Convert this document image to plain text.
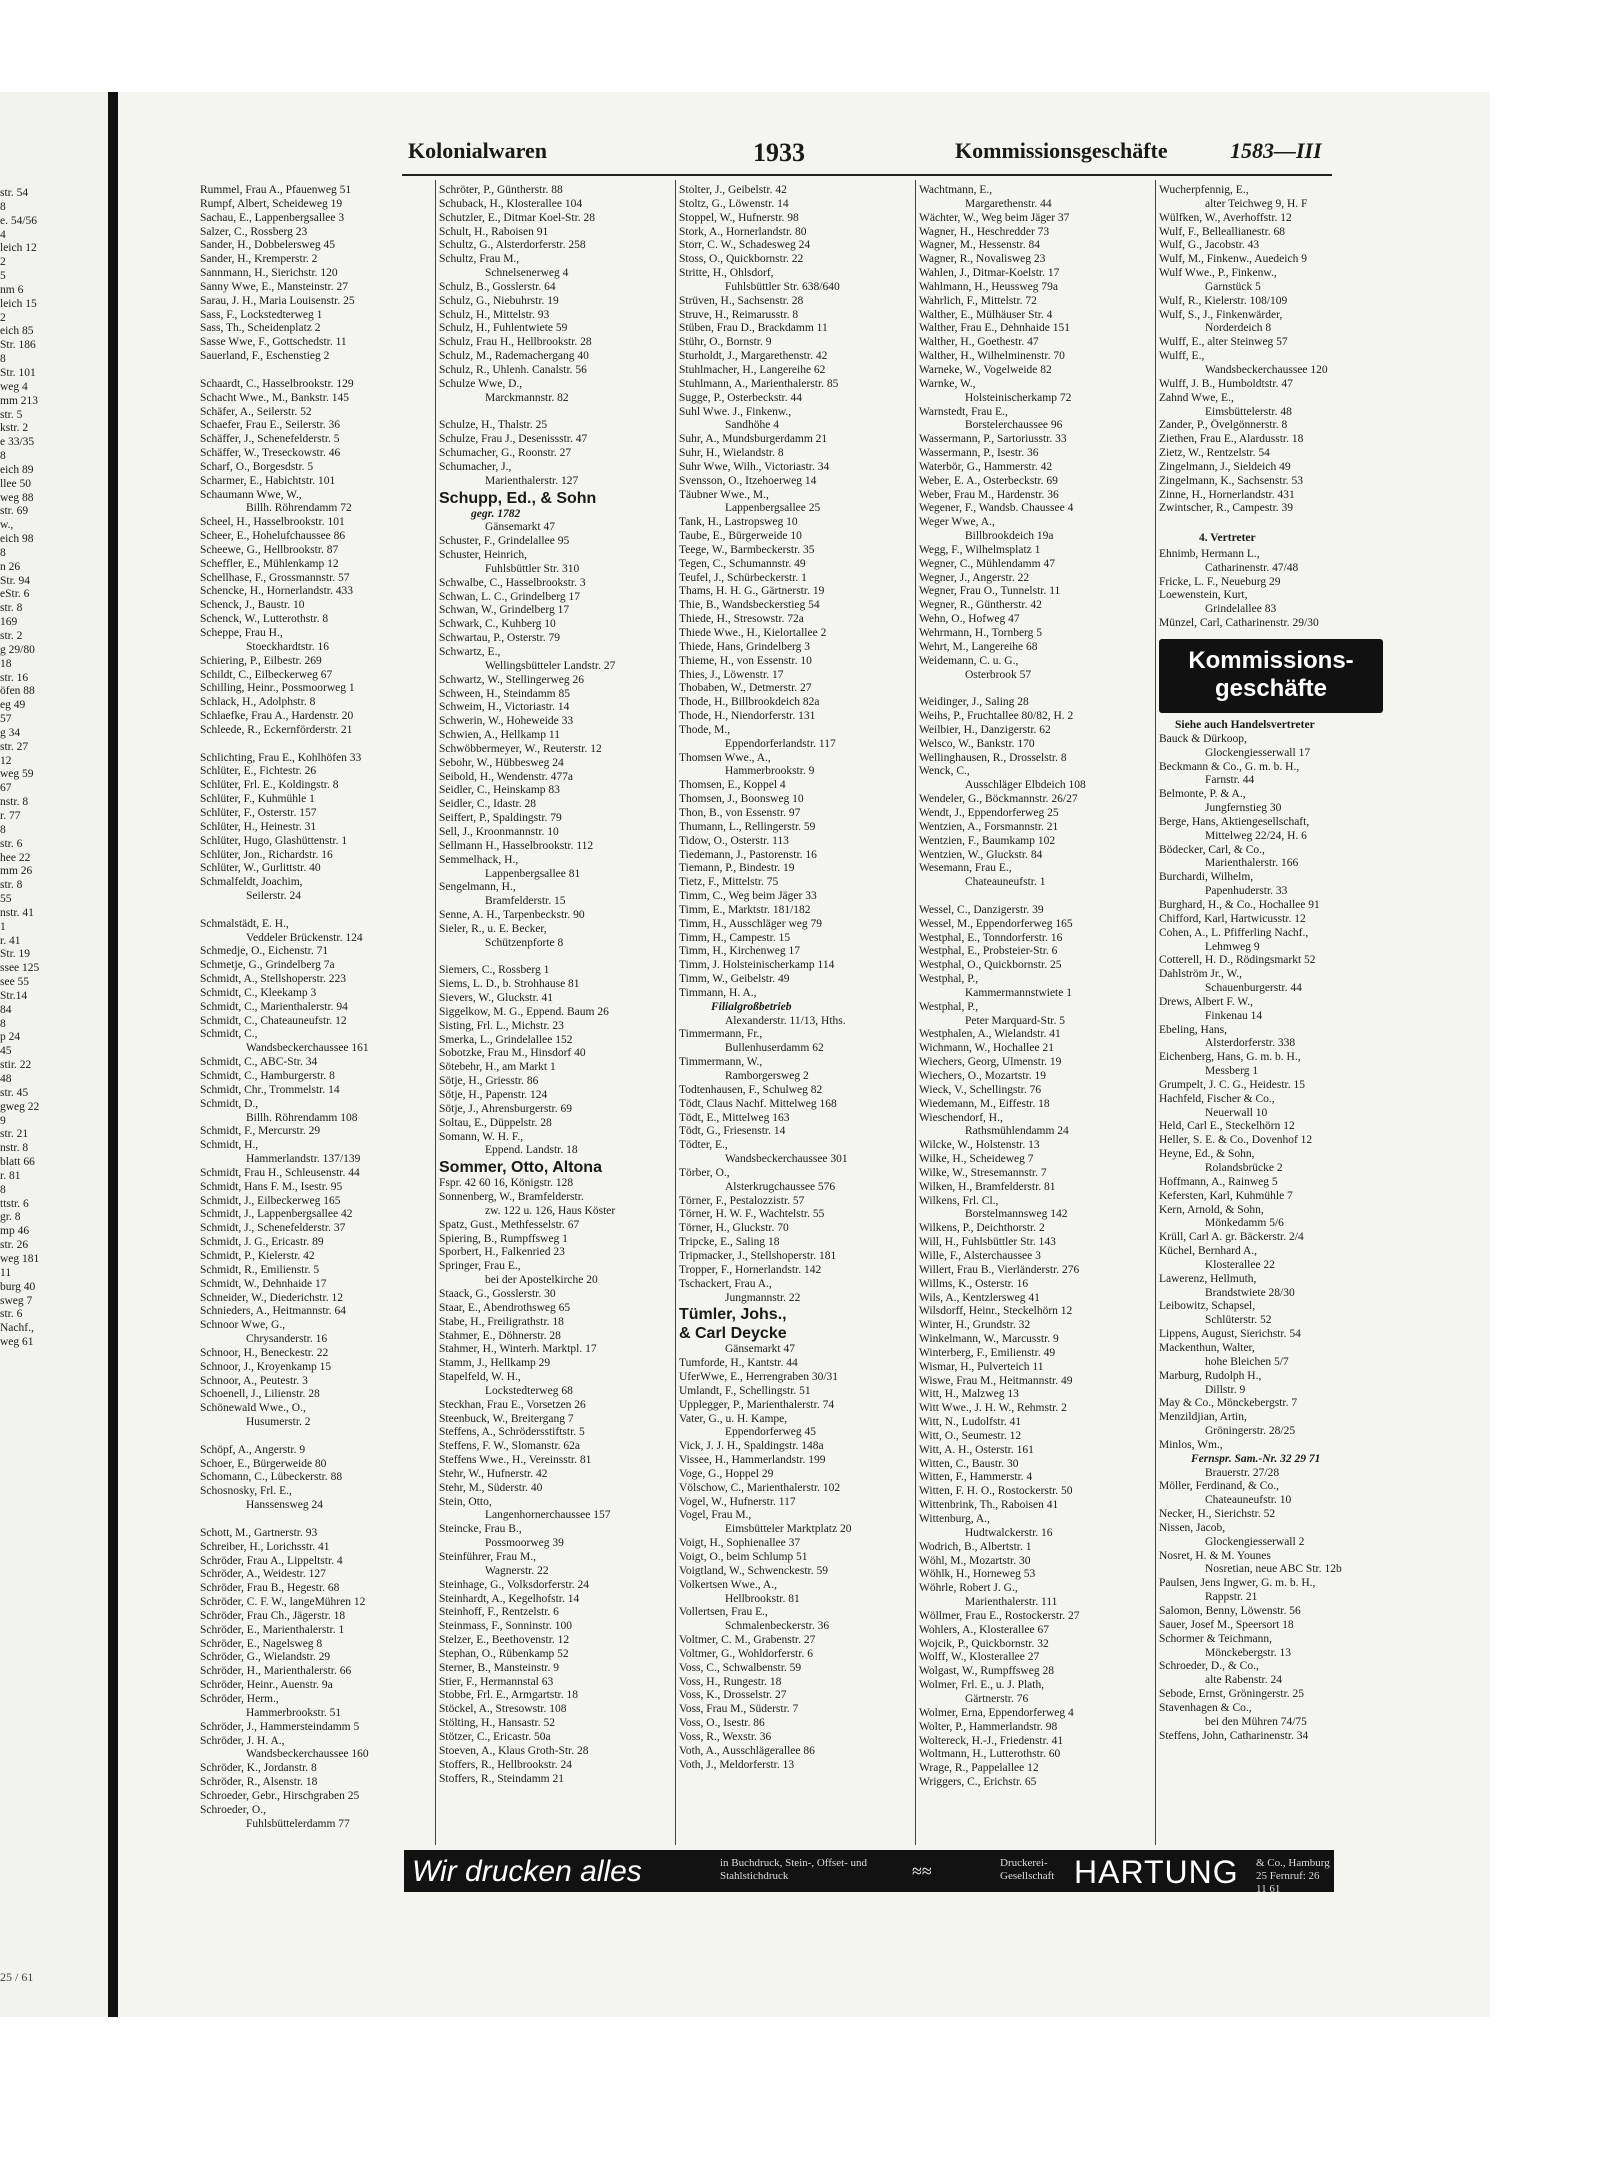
str. 54
8
e. 54/56
4
leich 12
2
5
nm 6
leich 15
2
eich 85
Str. 186
8
Str. 101
weg 4
mm 213
str. 5
kstr. 2
e 33/35
8
eich 89
llee 50
weg 88
str. 69
w.,
eich 98
8
n 26
Str. 94
eStr. 6
str. 8
169
str. 2
g 29/80
18
str. 16
öfen 88
eg 49
57
g 34
str. 27
12
weg 59
67
nstr. 8
r. 77
8
str. 6
hee 22
mm 26
str. 8
55
nstr. 41
1
r. 41
Str. 19
ssee 125
see 55
Str.14
84
8
p 24
45
stir. 22
48
str. 45
gweg 22
9
str. 21
nstr. 8
blatt 66
r. 81
8
ttstr. 6
gr. 8
mp 46
str. 26
weg 181
11
burg 40
sweg 7
str. 6
Nachf.,
weg 61
25 / 61
Kolonialwaren	1933	Kommissionsgeschäfte	1583—III
Rummel, Frau A., Pfauenweg 51
Rumpf, Albert, Scheideweg 19
Sachau, E., Lappenbergsallee 3
Salzer, C., Rossberg 23
Sander, H., Dobbelersweg 45
Sander, H., Kremperstr. 2
Sannmann, H., Sierichstr. 120
Sanny Wwe, E., Mansteinstr. 27
Sarau, J. H., Maria Louisenstr. 25
Sass, F., Lockstedterweg 1
Sass, Th., Scheidenplatz 2
Sasse Wwe, F., Gottschedstr. 11
Sauerland, F., Eschenstieg 2

Schaardt, C., Hasselbrookstr. 129
Schacht Wwe., M., Bankstr. 145
Schäfer, A., Seilerstr. 52
Schaefer, Frau E., Seilerstr. 36
Schäffer, J., Schenefelderstr. 5
Schäffer, W., Treseckowstr. 46
Scharf, O., Borgesdstr. 5
Scharmer, E., Habichtstr. 101
Schaumann Wwe, W.,
Billh. Röhrendamm 72
Scheel, H., Hasselbrookstr. 101
Scheer, E., Hohelufchaussee 86
Scheewe, G., Hellbrookstr. 87
Scheffler, E., Mühlenkamp 12
Schellhase, F., Grossmannstr. 57
Schencke, H., Hornerlandstr. 433
Schenck, J., Baustr. 10
Schenck, W., Lutterothstr. 8
Scheppe, Frau H.,
Stoeckhardtstr. 16
Schiering, P., Eilbestr. 269
Schildt, C., Eilbeckerweg 67
Schilling, Heinr., Possmoorweg 1
Schlack, H., Adolphstr. 8
Schlaefke, Frau A., Hardenstr. 20
Schleede, R., Eckernförderstr. 21

Schlichting, Frau E., Kohlhöfen 33
Schlüter, E., Fichtestr. 26
Schlüter, Frl. E., Koldingstr. 8
Schlüter, F., Kuhmühle 1
Schlüter, F., Osterstr. 157
Schlüter, H., Heinestr. 31
Schlüter, Hugo, Glashüttenstr. 1
Schlüter, Jon., Richardstr. 16
Schlüter, W., Gurlittstr. 40
Schmalfeldt, Joachim,
Seilerstr. 24

Schmalstädt, E. H.,
Veddeler Brückenstr. 124
Schmedje, O., Eichenstr. 71
Schmetje, G., Grindelberg 7a
Schmidt, A., Stellshoperstr. 223
Schmidt, C., Kleekamp 3
Schmidt, C., Marienthalerstr. 94
Schmidt, C., Chateauneufstr. 12
Schmidt, C.,
Wandsbeckerchaussee 161
Schmidt, C., ABC-Str. 34
Schmidt, C., Hamburgerstr. 8
Schmidt, Chr., Trommelstr. 14
Schmidt, D.,
Billh. Röhrendamm 108
Schmidt, F., Mercurstr. 29
Schmidt, H.,
Hammerlandstr. 137/139
Schmidt, Frau H., Schleusenstr. 44
Schmidt, Hans F. M., Isestr. 95
Schmidt, J., Eilbeckerweg 165
Schmidt, J., Lappenbergsallee 42
Schmidt, J., Schenefelderstr. 37
Schmidt, J. G., Ericastr. 89
Schmidt, P., Kielerstr. 42
Schmidt, R., Emilienstr. 5
Schmidt, W., Dehnhaide 17
Schneider, W., Diederichstr. 12
Schnieders, A., Heitmannstr. 64
Schnoor Wwe, G.,
Chrysanderstr. 16
Schnoor, H., Beneckestr. 22
Schnoor, J., Kroyenkamp 15
Schnoor, A., Peutestr. 3
Schoenell, J., Lilienstr. 28
Schönewald Wwe., O.,
Husumerstr. 2

Schöpf, A., Angerstr. 9
Schoer, E., Bürgerweide 80
Schomann, C., Lübeckerstr. 88
Schosnosky, Frl. E.,
Hanssensweg 24

Schott, M., Gartnerstr. 93
Schreiber, H., Lorichsstr. 41
Schröder, Frau A., Lippeltstr. 4
Schröder, A., Weidestr. 127
Schröder, Frau B., Hegestr. 68
Schröder, C. F. W., langeMühren 12
Schröder, Frau Ch., Jägerstr. 18
Schröder, E., Marienthalerstr. 1
Schröder, E., Nagelsweg 8
Schröder, G., Wielandstr. 29
Schröder, H., Marienthalerstr. 66
Schröder, Heinr., Auenstr. 9a
Schröder, Herm.,
Hammerbrookstr. 51
Schröder, J., Hammersteindamm 5
Schröder, J. H. A.,
Wandsbeckerchaussee 160
Schröder, K., Jordanstr. 8
Schröder, R., Alsenstr. 18
Schroeder, Gebr., Hirschgraben 25
Schroeder, O.,
Fuhlsbüttelerdamm 77
Schröter, P., Güntherstr. 88
Schuback, H., Klosterallee 104
Schutzler, E., Ditmar Koel-Str. 28
Schult, H., Raboisen 91
Schultz, G., Alsterdorferstr. 258
Schultz, Frau M.,
Schnelsenerweg 4
Schulz, B., Gosslerstr. 64
Schulz, G., Niebuhrstr. 19
Schulz, H., Mittelstr. 93
Schulz, H., Fuhlentwiete 59
Schulz, Frau H., Hellbrookstr. 28
Schulz, M., Rademachergang 40
Schulz, R., Uhlenh. Canalstr. 56
Schulze Wwe, D.,
Marckmannstr. 82

Schulze, H., Thalstr. 25
Schulze, Frau J., Desenissstr. 47
Schumacher, G., Roonstr. 27
Schumacher, J.,
Marienthalerstr. 127
Schupp, Ed., & Sohn
gegr. 1782
Gänsemarkt 47
Schuster, F., Grindelallee 95
Schuster, Heinrich,
Fuhlsbüttler Str. 310
Schwalbe, C., Hasselbrookstr. 3
Schwan, L. C., Grindelberg 17
Schwan, W., Grindelberg 17
Schwark, C., Kuhberg 10
Schwartau, P., Osterstr. 79
Schwartz, E.,
Wellingsbütteler Landstr. 27
Schwartz, W., Stellingerweg 26
Schween, H., Steindamm 85
Schweim, H., Victoriastr. 14
Schwerin, W., Hoheweide 33
Schwien, A., Hellkamp 11
Schwöbbermeyer, W., Reuterstr. 12
Sebohr, W., Hübbesweg 24
Seibold, H., Wendenstr. 477a
Seidler, C., Heinskamp 83
Seidler, C., Idastr. 28
Seiffert, P., Spaldingstr. 79
Sell, J., Kroonmannstr. 10
Sellmann H., Hasselbrookstr. 112
Semmelhack, H.,
Lappenbergsallee 81
Sengelmann, H.,
Bramfelderstr. 15
Senne, A. H., Tarpenbeckstr. 90
Sieler, R., u. E. Becker,
Schützenpforte 8

Siemers, C., Rossberg 1
Siems, L. D., b. Strohhause 81
Sievers, W., Gluckstr. 41
Siggelkow, M. G., Eppend. Baum 26
Sisting, Frl. L., Michstr. 23
Smerka, L., Grindelallee 152
Sobotzke, Frau M., Hinsdorf 40
Sötebehr, H., am Markt 1
Sötje, H., Griesstr. 86
Sötje, H., Papenstr. 124
Sötje, J., Ahrensburgerstr. 69
Soltau, E., Düppelstr. 28
Somann, W. H. F.,
Eppend. Landstr. 18
Sommer, Otto, Altona
Fspr. 42 60 16, Königstr. 128
Sonnenberg, W., Bramfelderstr.
zw. 122 u. 126, Haus Köster
Spatz, Gust., Methfesselstr. 67
Spiering, B., Rumpffsweg 1
Sporbert, H., Falkenried 23
Springer, Frau E.,
bei der Apostelkirche 20
Staack, G., Gosslerstr. 30
Staar, E., Abendrothsweg 65
Stabe, H., Freiligrathstr. 18
Stahmer, E., Döhnerstr. 28
Stahmer, H., Winterh. Marktpl. 17
Stamm, J., Hellkamp 29
Stapelfeld, W. H.,
Lockstedterweg 68
Steckhan, Frau E., Vorsetzen 26
Steenbuck, W., Breitergang 7
Steffens, A., Schrödersstiftstr. 5
Steffens, F. W., Slomanstr. 62a
Steffens Wwe., H., Vereinsstr. 81
Stehr, W., Hufnerstr. 42
Stehr, M., Süderstr. 40
Stein, Otto,
Langenhornerchaussee 157
Steincke, Frau B.,
Possmoorweg 39
Steinführer, Frau M.,
Wagnerstr. 22
Steinhage, G., Volksdorferstr. 24
Steinhardt, A., Kegelhofstr. 14
Steinhoff, F., Rentzelstr. 6
Steinmass, F., Sonninstr. 100
Stelzer, E., Beethovenstr. 12
Stephan, O., Rübenkamp 52
Sterner, B., Mansteinstr. 9
Stier, F., Hermannstal 63
Stobbe, Frl. E., Armgartstr. 18
Stöckel, A., Stresowstr. 108
Stölting, H., Hansastr. 52
Stötzer, C., Ericastr. 50a
Stoeven, A., Klaus Groth-Str. 28
Stoffers, R., Hellbrookstr. 24
Stoffers, R., Steindamm 21
Stolter, J., Geibelstr. 42
Stoltz, G., Löwenstr. 14
Stoppel, W., Hufnerstr. 98
Stork, A., Hornerlandstr. 80
Storr, C. W., Schadesweg 24
Stoss, O., Quickbornstr. 22
Stritte, H., Ohlsdorf,
Fuhlsbüttler Str. 638/640
Strüven, H., Sachsenstr. 28
Struve, H., Reimarusstr. 8
Stüben, Frau D., Brackdamm 11
Stühr, O., Bornstr. 9
Sturholdt, J., Margarethenstr. 42
Stuhlmacher, H., Langereihe 62
Stuhlmann, A., Marienthalerstr. 85
Sugge, P., Osterbeckstr. 44
Suhl Wwe. J., Finkenw.,
Sandhöhe 4
Suhr, A., Mundsburgerdamm 21
Suhr, H., Wielandstr. 8
Suhr Wwe, Wilh., Victoriastr. 34
Svensson, O., Itzehoerweg 14
Täubner Wwe., M.,
Lappenbergsallee 25
Tank, H., Lastropsweg 10
Taube, E., Bürgerweide 10
Teege, W., Barmbeckerstr. 35
Tegen, C., Schumannstr. 49
Teufel, J., Schürbeckerstr. 1
Thams, H. H. G., Gärtnerstr. 19
Thie, B., Wandsbeckerstieg 54
Thiede, H., Stresowstr. 72a
Thiede Wwe., H., Kielortallee 2
Thiede, Hans, Grindelberg 3
Thieme, H., von Essenstr. 10
Thies, J., Löwenstr. 17
Thobaben, W., Detmerstr. 27
Thode, H., Billbrookdeich 82a
Thode, H., Niendorferstr. 131
Thode, M.,
Eppendorferlandstr. 117
Thomsen Wwe., A.,
Hammerbrookstr. 9
Thomsen, E., Koppel 4
Thomsen, J., Boonsweg 10
Thon, B., von Essenstr. 97
Thumann, L., Rellingerstr. 59
Tidow, O., Osterstr. 113
Tiedemann, J., Pastorenstr. 16
Tiemann, P., Bindestr. 19
Tietz, F., Mittelstr. 75
Timm, C., Weg beim Jäger 33
Timm, E., Marktstr. 181/182
Timm, H., Ausschläger weg 79
Timm, H., Campestr. 15
Timm, H., Kirchenweg 17
Timm, J. Holsteinischerkamp 114
Timm, W., Geibelstr. 49
Timmann, H. A.,
Filialgroßbetrieb
Alexanderstr. 11/13, Hths.
Timmermann, Fr.,
Bullenhuserdamm 62
Timmermann, W.,
Ramborgersweg 2
Todtenhausen, F., Schulweg 82
Tödt, Claus Nachf. Mittelweg 168
Tödt, E., Mittelweg 163
Tödt, G., Friesenstr. 14
Tödter, E.,
Wandsbeckerchaussee 301
Törber, O.,
Alsterkrugchaussee 576
Törner, F., Pestalozzistr. 57
Törner, H. W. F., Wachtelstr. 55
Törner, H., Gluckstr. 70
Tripcke, E., Saling 18
Tripmacker, J., Stellshoperstr. 181
Tropper, F., Hornerlandstr. 142
Tschackert, Frau A.,
Jungmannstr. 22
Tümler, Johs.,
& Carl Deycke
Gänsemarkt 47
Tumforde, H., Kantstr. 44
UferWwe, E., Herrengraben 30/31
Umlandt, F., Schellingstr. 51
Upplegger, P., Marienthalerstr. 74
Vater, G., u. H. Kampe,
Eppendorferweg 45
Vick, J. J. H., Spaldingstr. 148a
Vissee, H., Hammerlandstr. 199
Voge, G., Hoppel 29
Völschow, C., Marienthalerstr. 102
Vogel, W., Hufnerstr. 117
Vogel, Frau M.,
Eimsbütteler Marktplatz 20
Voigt, H., Sophienallee 37
Voigt, O., beim Schlump 51
Voigtland, W., Schwenckestr. 59
Volkertsen Wwe., A.,
Hellbrookstr. 81
Vollertsen, Frau E.,
Schmalenbeckerstr. 36
Voltmer, C. M., Grabenstr. 27
Voltmer, G., Wohldorferstr. 6
Voss, C., Schwalbenstr. 59
Voss, H., Rungestr. 18
Voss, K., Drosselstr. 27
Voss, Frau M., Süderstr. 7
Voss, O., Isestr. 86
Voss, R., Wexstr. 36
Voth, A., Ausschlägerallee 86
Voth, J., Meldorferstr. 13
Wachtmann, E.,
Margarethenstr. 44
Wächter, W., Weg beim Jäger 37
Wagner, H., Heschredder 73
Wagner, M., Hessenstr. 84
Wagner, R., Novalisweg 23
Wahlen, J., Ditmar-Koelstr. 17
Wahlmann, H., Heussweg 79a
Wahrlich, F., Mittelstr. 72
Walther, E., Mülhäuser Str. 4
Walther, Frau E., Dehnhaide 151
Walther, H., Goethestr. 47
Walther, H., Wilhelminenstr. 70
Warneke, W., Vogelweide 82
Warnke, W.,
Holsteinischerkamp 72
Warnstedt, Frau E.,
Borstelerchaussee 96
Wassermann, P., Sartoriusstr. 33
Wassermann, P., Isestr. 36
Waterbör, G., Hammerstr. 42
Weber, E. A., Osterbeckstr. 69
Weber, Frau M., Hardenstr. 36
Wegener, F., Wandsb. Chaussee 4
Weger Wwe, A.,
Billbrookdeich 19a
Wegg, F., Wilhelmsplatz 1
Wegner, C., Mühlendamm 47
Wegner, J., Angerstr. 22
Wegner, Frau O., Tunnelstr. 11
Wegner, R., Güntherstr. 42
Wehn, O., Hofweg 47
Wehrmann, H., Tornberg 5
Wehrt, M., Langereihe 68
Weidemann, C. u. G.,
Osterbrook 57

Weidinger, J., Saling 28
Weihs, P., Fruchtallee 80/82, H. 2
Weilbier, H., Danzigerstr. 62
Welsco, W., Bankstr. 170
Wellinghausen, R., Drosselstr. 8
Wenck, C.,
Ausschläger Elbdeich 108
Wendeler, G., Böckmannstr. 26/27
Wendt, J., Eppendorferweg 25
Wentzien, A., Forsmannstr. 21
Wentzien, F., Baumkamp 102
Wentzien, W., Gluckstr. 84
Wesemann, Frau E.,
Chateauneufstr. 1

Wessel, C., Danzigerstr. 39
Wessel, M., Eppendorferweg 165
Westphal, E., Tonndorferstr. 16
Westphal, E., Probsteier-Str. 6
Westphal, O., Quickbornstr. 25
Westphal, P.,
Kammermannstwiete 1
Westphal, P.,
Peter Marquard-Str. 5
Westphalen, A., Wielandstr. 41
Wichmann, W., Hochallee 21
Wiechers, Georg, Ulmenstr. 19
Wiechers, O., Mozartstr. 19
Wieck, V., Schellingstr. 76
Wiedemann, M., Eiffestr. 18
Wieschendorf, H.,
Rathsmühlendamm 24
Wilcke, W., Holstenstr. 13
Wilke, H., Scheideweg 7
Wilke, W., Stresemannstr. 7
Wilken, H., Bramfelderstr. 81
Wilkens, Frl. Cl.,
Borstelmannsweg 142
Wilkens, P., Deichthorstr. 2
Will, H., Fuhlsbüttler Str. 143
Wille, F., Alsterchaussee 3
Willert, Frau B., Vierländerstr. 276
Willms, K., Osterstr. 16
Wils, A., Kentzlersweg 41
Wilsdorff, Heinr., Steckelhörn 12
Winter, H., Grundstr. 32
Winkelmann, W., Marcusstr. 9
Winterberg, F., Emilienstr. 49
Wismar, H., Pulverteich 11
Wiswe, Frau M., Heitmannstr. 49
Witt, H., Malzweg 13
Witt Wwe., J. H. W., Rehmstr. 2
Witt, N., Ludolfstr. 41
Witt, O., Seumestr. 12
Witt, A. H., Osterstr. 161
Witten, C., Baustr. 30
Witten, F., Hammerstr. 4
Witten, F. H. O., Rostockerstr. 50
Wittenbrink, Th., Raboisen 41
Wittenburg, A.,
Hudtwalckerstr. 16
Wodrich, B., Albertstr. 1
Wöhl, M., Mozartstr. 30
Wöhlk, H., Horneweg 53
Wöhrle, Robert J. G.,
Marienthalerstr. 111
Wöllmer, Frau E., Rostockerstr. 27
Wohlers, A., Klosterallee 67
Wojcik, P., Quickbornstr. 32
Wolff, W., Klosterallee 27
Wolgast, W., Rumpffsweg 28
Wolmer, Frl. E., u. J. Plath,
Gärtnerstr. 76
Wolmer, Erna, Eppendorferweg 4
Wolter, P., Hammerlandstr. 98
Woltereck, H.-J., Friedenstr. 41
Woltmann, H., Lutterothstr. 60
Wrage, R., Pappelallee 12
Wriggers, C., Erichstr. 65
Wucherpfennig, E.,
alter Teichweg 9, H. F
Wülfken, W., Averhoffstr. 12
Wulf, F., Belleallianestr. 68
Wulf, G., Jacobstr. 43
Wulf, M., Finkenw., Auedeich 9
Wulf Wwe., P., Finkenw.,
Garnstück 5
Wulf, R., Kielerstr. 108/109
Wulf, S., J., Finkenwärder,
Norderdeich 8
Wulff, E., alter Steinweg 57
Wulff, E.,
Wandsbeckerchaussee 120
Wulff, J. B., Humboldtstr. 47
Zahnd Wwe, E.,
Eimsbüttelerstr. 48
Zander, P., Övelgönnerstr. 8
Ziethen, Frau E., Alardusstr. 18
Zietz, W., Rentzelstr. 54
Zingelmann, J., Sieldeich 49
Zingelmann, K., Sachsenstr. 53
Zinne, H., Hornerlandstr. 431
Zwintscher, R., Campestr. 39

4. Vertreter
Ehnimb, Hermann L.,
Catharinenstr. 47/48
Fricke, L. F., Neueburg 29
Loewenstein, Kurt,
Grindelallee 83
Münzel, Carl, Catharinenstr. 29/30
Kommissions-
geschäfte
Siehe auch Handelsvertreter
Bauck & Dürkoop,
Glockengiesserwall 17
Beckmann & Co., G. m. b. H.,
Farnstr. 44
Belmonte, P. & A.,
Jungfernstieg 30
Berge, Hans, Aktiengesellschaft,
Mittelweg 22/24, H. 6
Bödecker, Carl, & Co.,
Marienthalerstr. 166
Burchardi, Wilhelm,
Papenhuderstr. 33
Burghard, H., & Co., Hochallee 91
Chifford, Karl, Hartwicusstr. 12
Cohen, A., L. Pfifferling Nachf.,
Lehmweg 9
Cotterell, H. D., Rödingsmarkt 52
Dahlström Jr., W.,
Schauenburgerstr. 44
Drews, Albert F. W.,
Finkenau 14
Ebeling, Hans,
Alsterdorferstr. 338
Eichenberg, Hans, G. m. b. H.,
Messberg 1
Grumpelt, J. C. G., Heidestr. 15
Hachfeld, Fischer & Co.,
Neuerwall 10
Held, Carl E., Steckelhörn 12
Heller, S. E. & Co., Dovenhof 12
Heyne, Ed., & Sohn,
Rolandsbrücke 2
Hoffmann, A., Rainweg 5
Kefersten, Karl, Kuhmühle 7
Kern, Arnold, & Sohn,
Mönkedamm 5/6
Krüll, Carl A. gr. Bäckerstr. 2/4
Küchel, Bernhard A.,
Klosterallee 22
Lawerenz, Hellmuth,
Brandstwiete 28/30
Leibowitz, Schapsel,
Schlüterstr. 52
Lippens, August, Sierichstr. 54
Mackenthun, Walter,
hohe Bleichen 5/7
Marburg, Rudolph H.,
Dillstr. 9
May & Co., Mönckebergstr. 7
Menzildjian, Artin,
Gröningerstr. 28/25
Minlos, Wm.,
Fernspr. Sam.-Nr. 32 29 71
Brauerstr. 27/28
Möller, Ferdinand, & Co.,
Chateauneufstr. 10
Necker, H., Sierichstr. 52
Nissen, Jacob,
Glockengiesserwall 2
Nosret, H. & M. Younes
Nosretian, neue ABC Str. 12b
Paulsen, Jens Ingwer, G. m. b. H.,
Rappstr. 21
Salomon, Benny, Löwenstr. 56
Sauer, Josef M., Speersort 18
Schormer & Teichmann,
Mönckebergstr. 13
Schroeder, D., & Co.,
alte Rabenstr. 24
Sebode, Ernst, Gröningerstr. 25
Stavenhagen & Co.,
bei den Mühren 74/75
Steffens, John, Catharinenstr. 34
Wir drucken alles	in Buchdruck, Stein-, Offset- und Stahlstichdruck	≈≈	Druckerei-Gesellschaft HARTUNG & Co., Hamburg 25 Fernruf: 26 11 61
